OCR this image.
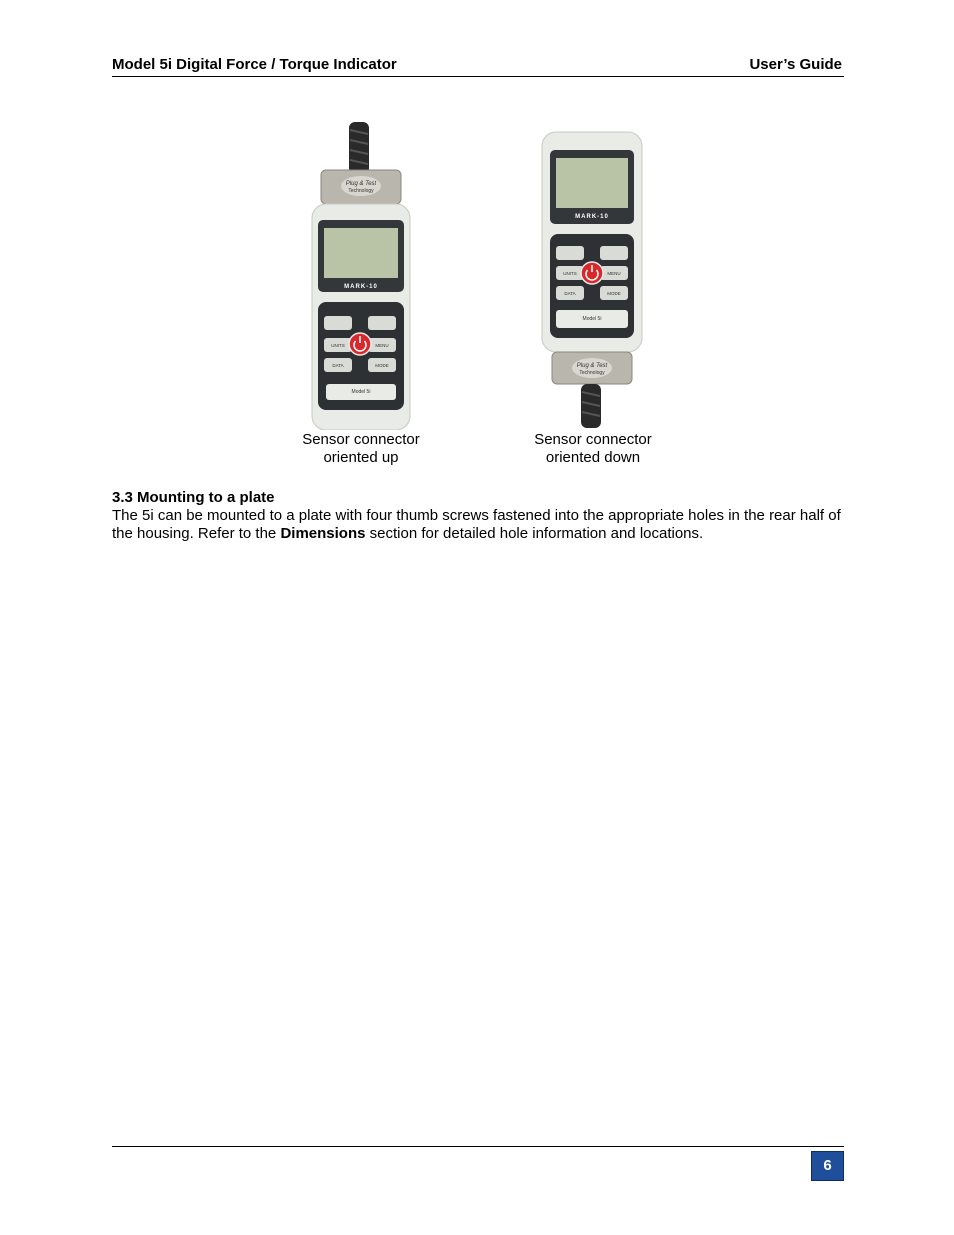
Model 5i Digital Force / Torque Indicator	User’s Guide
Plug & Test
Technology
MARK-10
UNITS	MENU
DATA	MODE
Model 5i
MARK-10
UNITS	MENU
DATA	MODE
Model 5i
Plug & Test
Technology
Sensor connector
oriented up
Sensor connector
oriented down
3.3 Mounting to a plate
The 5i can be mounted to a plate with four thumb screws fastened into the appropriate holes in the rear half of the housing. Refer to the Dimensions section for detailed hole information and locations.
6
